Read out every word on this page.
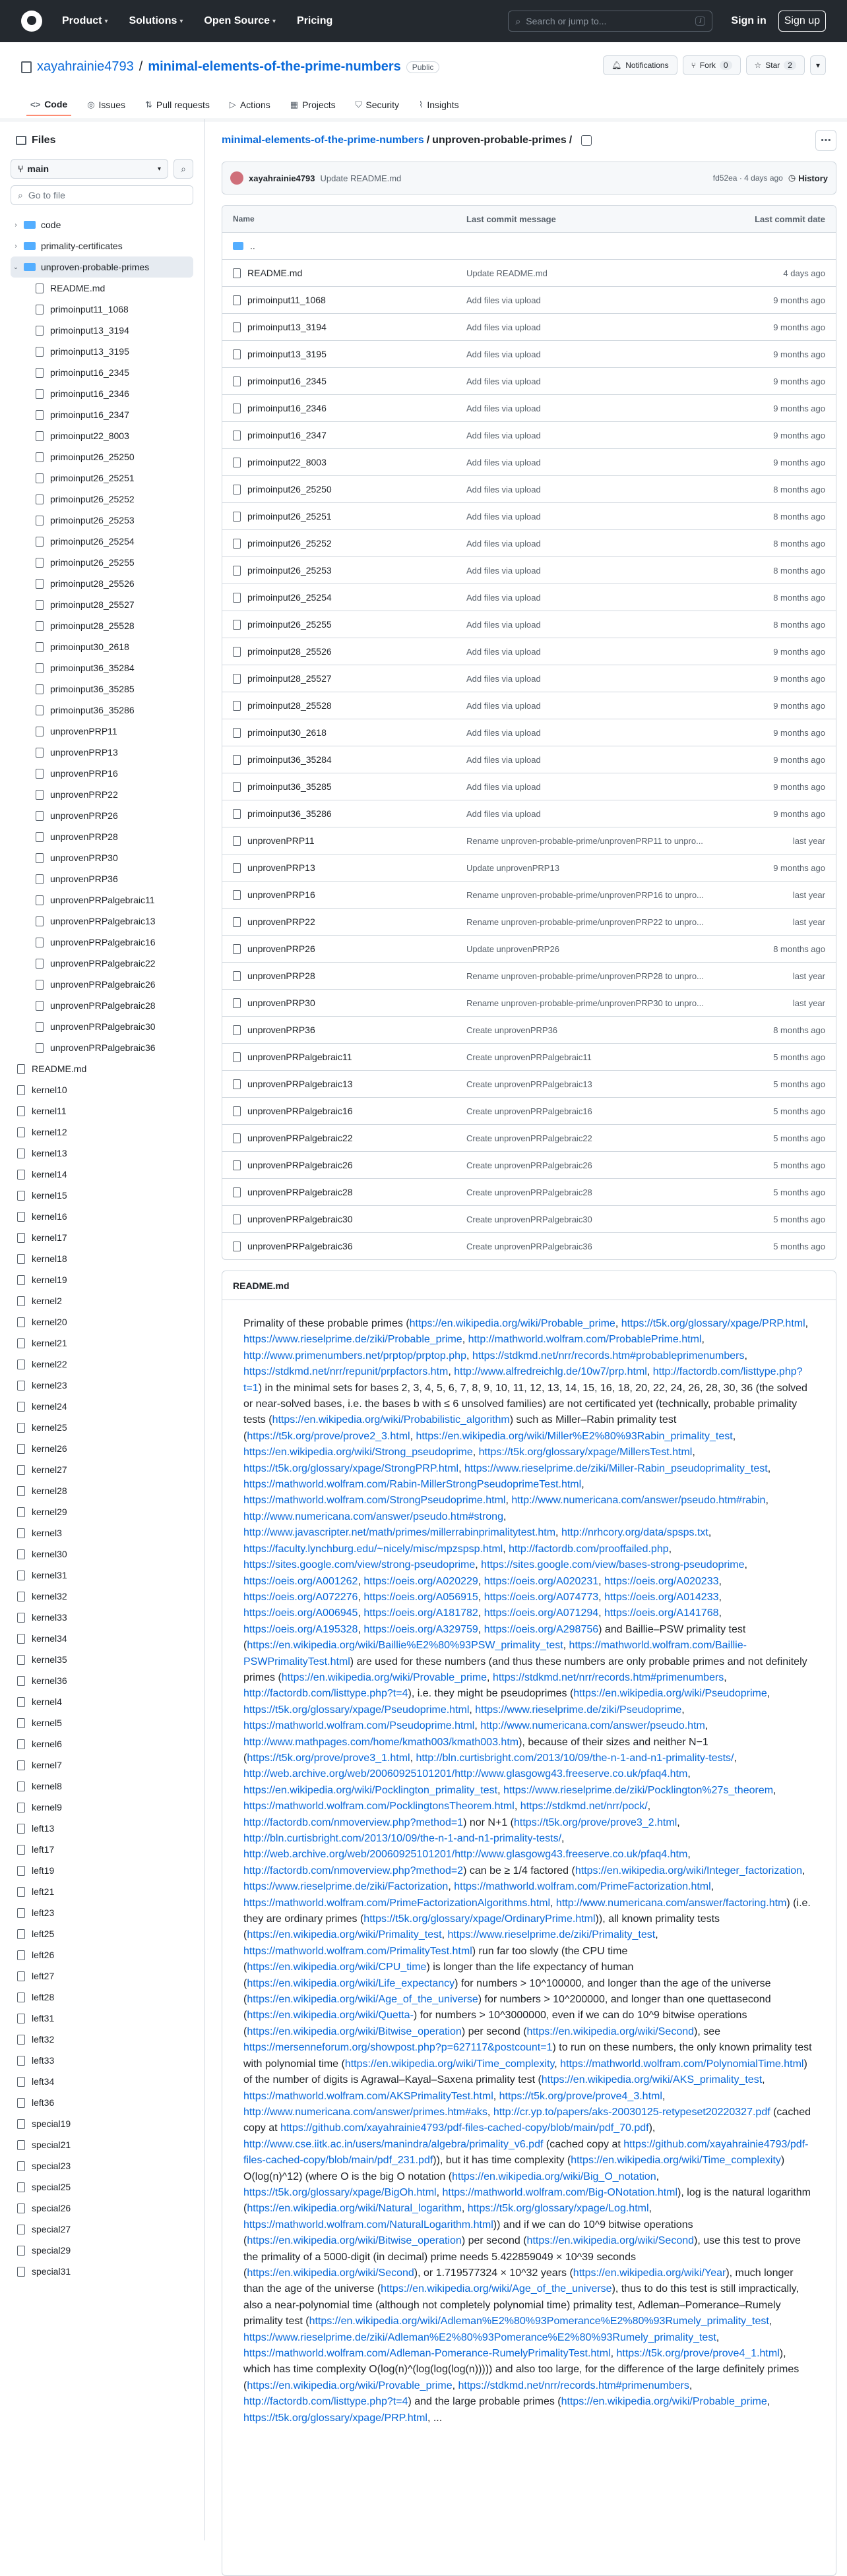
Product ▾ Solutions ▾ Open Source ▾ Pricing	⌕ Search or jump to...	/	Sign in	Sign up
xayahrainie4793 / minimal-elements-of-the-prime-numbers	Public	🔔︎ Notifications	⑂ Fork	0	☆ Star	2	▾
<> Code ◎ Issues ⇅ Pull requests ▷ Actions ▦ Projects ⛉ Security ⌇ Insights
Files
⑂ main	▾ ⌕
⌕ Go to file
›	code
›	primality-certificates
⌄ unproven-probable-primes
README.md
primoinput11_1068
primoinput13_3194
primoinput13_3195
primoinput16_2345
primoinput16_2346
primoinput16_2347
primoinput22_8003
primoinput26_25250
primoinput26_25251
primoinput26_25252
primoinput26_25253
primoinput26_25254
primoinput26_25255
primoinput28_25526
primoinput28_25527
primoinput28_25528
primoinput30_2618
primoinput36_35284
primoinput36_35285
primoinput36_35286
unprovenPRP11
unprovenPRP13
unprovenPRP16
unprovenPRP22
unprovenPRP26
unprovenPRP28
unprovenPRP30
unprovenPRP36
unprovenPRPalgebraic11
unprovenPRPalgebraic13
unprovenPRPalgebraic16
unprovenPRPalgebraic22
unprovenPRPalgebraic26
unprovenPRPalgebraic28
unprovenPRPalgebraic30
unprovenPRPalgebraic36
README.md
kernel10
kernel11
kernel12
kernel13
kernel14
kernel15
kernel16
kernel17
kernel18
kernel19
kernel2
kernel20
kernel21
kernel22
kernel23
kernel24
kernel25
kernel26
kernel27
kernel28
kernel29
kernel3
kernel30
kernel31
kernel32
kernel33
kernel34
kernel35
kernel36
kernel4
kernel5
kernel6
kernel7
kernel8
kernel9
left13
left17
left19
left21
left23
left25
left26
left27
left28
left31
left32
left33
left34
left36
special19
special21
special23
special25
special26
special27
special29
special31
minimal-elements-of-the-prime-numbers / unproven-probable-primes /	⋯
xayahrainie4793 Update README.md	fd52ea · 4 days ago ◷ History
Name	Last commit message	Last commit date
..
README.md	Update README.md	4 days ago
primoinput11_1068	Add files via upload	9 months ago
primoinput13_3194	Add files via upload	9 months ago
primoinput13_3195	Add files via upload	9 months ago
primoinput16_2345	Add files via upload	9 months ago
primoinput16_2346	Add files via upload	9 months ago
primoinput16_2347	Add files via upload	9 months ago
primoinput22_8003	Add files via upload	9 months ago
primoinput26_25250	Add files via upload	8 months ago
primoinput26_25251	Add files via upload	8 months ago
primoinput26_25252	Add files via upload	8 months ago
primoinput26_25253	Add files via upload	8 months ago
primoinput26_25254	Add files via upload	8 months ago
primoinput26_25255	Add files via upload	8 months ago
primoinput28_25526	Add files via upload	9 months ago
primoinput28_25527	Add files via upload	9 months ago
primoinput28_25528	Add files via upload	9 months ago
primoinput30_2618	Add files via upload	9 months ago
primoinput36_35284	Add files via upload	9 months ago
primoinput36_35285	Add files via upload	9 months ago
primoinput36_35286	Add files via upload	9 months ago
unprovenPRP11	Rename unproven-probable-prime/unprovenPRP11 to unpro...	last year
unprovenPRP13	Update unprovenPRP13	9 months ago
unprovenPRP16	Rename unproven-probable-prime/unprovenPRP16 to unpro...	last year
unprovenPRP22	Rename unproven-probable-prime/unprovenPRP22 to unpro...	last year
unprovenPRP26	Update unprovenPRP26	8 months ago
unprovenPRP28	Rename unproven-probable-prime/unprovenPRP28 to unpro...	last year
unprovenPRP30	Rename unproven-probable-prime/unprovenPRP30 to unpro...	last year
unprovenPRP36	Create unprovenPRP36	8 months ago
unprovenPRPalgebraic11	Create unprovenPRPalgebraic11	5 months ago
unprovenPRPalgebraic13	Create unprovenPRPalgebraic13	5 months ago
unprovenPRPalgebraic16	Create unprovenPRPalgebraic16	5 months ago
unprovenPRPalgebraic22	Create unprovenPRPalgebraic22	5 months ago
unprovenPRPalgebraic26	Create unprovenPRPalgebraic26	5 months ago
unprovenPRPalgebraic28	Create unprovenPRPalgebraic28	5 months ago
unprovenPRPalgebraic30	Create unprovenPRPalgebraic30	5 months ago
unprovenPRPalgebraic36	Create unprovenPRPalgebraic36	5 months ago
README.md
Primality of these probable primes (https://en.wikipedia.org/wiki/Probable_prime, https://t5k.org/glossary/xpage/PRP.html, https://www.rieselprime.de/ziki/Probable_prime, http://mathworld.wolfram.com/ProbablePrime.html, http://www.primenumbers.net/prptop/prptop.php, https://stdkmd.net/nrr/records.htm#probableprimenumbers, https://stdkmd.net/nrr/repunit/prpfactors.htm, http://www.alfredreichlg.de/10w7/prp.html, http://factordb.com/listtype.php?t=1) in the minimal sets for bases 2, 3, 4, 5, 6, 7, 8, 9, 10, 11, 12, 13, 14, 15, 16, 18, 20, 22, 24, 26, 28, 30, 36 (the solved or near-solved bases, i.e. the bases b with ≤ 6 unsolved families) are not certificated yet (technically, probable primality tests (https://en.wikipedia.org/wiki/Probabilistic_algorithm) such as Miller–Rabin primality test (https://t5k.org/prove/prove2_3.html, https://en.wikipedia.org/wiki/Miller%E2%80%93Rabin_primality_test, https://en.wikipedia.org/wiki/Strong_pseudoprime, https://t5k.org/glossary/xpage/MillersTest.html, https://t5k.org/glossary/xpage/StrongPRP.html, https://www.rieselprime.de/ziki/Miller-Rabin_pseudoprimality_test, https://mathworld.wolfram.com/Rabin-MillerStrongPseudoprimeTest.html, https://mathworld.wolfram.com/StrongPseudoprime.html, http://www.numericana.com/answer/pseudo.htm#rabin, http://www.numericana.com/answer/pseudo.htm#strong, http://www.javascripter.net/math/primes/millerrabinprimalitytest.htm, http://nrhcory.org/data/spsps.txt, https://faculty.lynchburg.edu/~nicely/misc/mpzspsp.html, http://factordb.com/prooffailed.php, https://sites.google.com/view/strong-pseudoprime, https://sites.google.com/view/bases-strong-pseudoprime, https://oeis.org/A001262, https://oeis.org/A020229, https://oeis.org/A020231, https://oeis.org/A020233, https://oeis.org/A072276, https://oeis.org/A056915, https://oeis.org/A074773, https://oeis.org/A014233, https://oeis.org/A006945, https://oeis.org/A181782, https://oeis.org/A071294, https://oeis.org/A141768, https://oeis.org/A195328, https://oeis.org/A329759, https://oeis.org/A298756) and Baillie–PSW primality test (https://en.wikipedia.org/wiki/Baillie%E2%80%93PSW_primality_test, https://mathworld.wolfram.com/Baillie-PSWPrimalityTest.html) are used for these numbers (and thus these numbers are only probable primes and not definitely primes (https://en.wikipedia.org/wiki/Provable_prime, https://stdkmd.net/nrr/records.htm#primenumbers, http://factordb.com/listtype.php?t=4), i.e. they might be pseudoprimes (https://en.wikipedia.org/wiki/Pseudoprime, https://t5k.org/glossary/xpage/Pseudoprime.html, https://www.rieselprime.de/ziki/Pseudoprime, https://mathworld.wolfram.com/Pseudoprime.html, http://www.numericana.com/answer/pseudo.htm, http://www.mathpages.com/home/kmath003/kmath003.htm), because of their sizes and neither N−1 (https://t5k.org/prove/prove3_1.html, http://bln.curtisbright.com/2013/10/09/the-n-1-and-n1-primality-tests/, http://web.archive.org/web/20060925101201/http://www.glasgowg43.freeserve.co.uk/pfaq4.htm, https://en.wikipedia.org/wiki/Pocklington_primality_test, https://www.rieselprime.de/ziki/Pocklington%27s_theorem, https://mathworld.wolfram.com/PocklingtonsTheorem.html, https://stdkmd.net/nrr/pock/, http://factordb.com/nmoverview.php?method=1) nor N+1 (https://t5k.org/prove/prove3_2.html, http://bln.curtisbright.com/2013/10/09/the-n-1-and-n1-primality-tests/, http://web.archive.org/web/20060925101201/http://www.glasgowg43.freeserve.co.uk/pfaq4.htm, http://factordb.com/nmoverview.php?method=2) can be ≥ 1/4 factored (https://en.wikipedia.org/wiki/Integer_factorization, https://www.rieselprime.de/ziki/Factorization, https://mathworld.wolfram.com/PrimeFactorization.html, https://mathworld.wolfram.com/PrimeFactorizationAlgorithms.html, http://www.numericana.com/answer/factoring.htm) (i.e. they are ordinary primes (https://t5k.org/glossary/xpage/OrdinaryPrime.html)), all known primality tests (https://en.wikipedia.org/wiki/Primality_test, https://www.rieselprime.de/ziki/Primality_test, https://mathworld.wolfram.com/PrimalityTest.html) run far too slowly (the CPU time (https://en.wikipedia.org/wiki/CPU_time) is longer than the life expectancy of human (https://en.wikipedia.org/wiki/Life_expectancy) for numbers > 10^100000, and longer than the age of the universe (https://en.wikipedia.org/wiki/Age_of_the_universe) for numbers > 10^200000, and longer than one quettasecond (https://en.wikipedia.org/wiki/Quetta-) for numbers > 10^3000000, even if we can do 10^9 bitwise operations (https://en.wikipedia.org/wiki/Bitwise_operation) per second (https://en.wikipedia.org/wiki/Second), see https://mersenneforum.org/showpost.php?p=627117&postcount=1) to run on these numbers, the only known primality test with polynomial time (https://en.wikipedia.org/wiki/Time_complexity, https://mathworld.wolfram.com/PolynomialTime.html) of the number of digits is Agrawal–Kayal–Saxena primality test (https://en.wikipedia.org/wiki/AKS_primality_test, https://mathworld.wolfram.com/AKSPrimalityTest.html, https://t5k.org/prove/prove4_3.html, http://www.numericana.com/answer/primes.htm#aks, http://cr.yp.to/papers/aks-20030125-retypeset20220327.pdf (cached copy at https://github.com/xayahrainie4793/pdf-files-cached-copy/blob/main/pdf_70.pdf), http://www.cse.iitk.ac.in/users/manindra/algebra/primality_v6.pdf (cached copy at https://github.com/xayahrainie4793/pdf-files-cached-copy/blob/main/pdf_231.pdf)), but it has time complexity (https://en.wikipedia.org/wiki/Time_complexity) O(log(n)^12) (where O is the big O notation (https://en.wikipedia.org/wiki/Big_O_notation, https://t5k.org/glossary/xpage/BigOh.html, https://mathworld.wolfram.com/Big-ONotation.html), log is the natural logarithm (https://en.wikipedia.org/wiki/Natural_logarithm, https://t5k.org/glossary/xpage/Log.html, https://mathworld.wolfram.com/NaturalLogarithm.html)) and if we can do 10^9 bitwise operations (https://en.wikipedia.org/wiki/Bitwise_operation) per second (https://en.wikipedia.org/wiki/Second), use this test to prove the primality of a 5000-digit (in decimal) prime needs 5.422859049 × 10^39 seconds (https://en.wikipedia.org/wiki/Second), or 1.719577324 × 10^32 years (https://en.wikipedia.org/wiki/Year), much longer than the age of the universe (https://en.wikipedia.org/wiki/Age_of_the_universe), thus to do this test is still impractically, also a near-polynomial time (although not completely polynomial time) primality test, Adleman–Pomerance–Rumely primality test (https://en.wikipedia.org/wiki/Adleman%E2%80%93Pomerance%E2%80%93Rumely_primality_test, https://www.rieselprime.de/ziki/Adleman%E2%80%93Pomerance%E2%80%93Rumely_primality_test, https://mathworld.wolfram.com/Adleman-Pomerance-RumelyPrimalityTest.html, https://t5k.org/prove/prove4_1.html), which has time complexity O(log(n)^(log(log(log(n))))) and also too large, for the difference of the large definitely primes (https://en.wikipedia.org/wiki/Provable_prime, https://stdkmd.net/nrr/records.htm#primenumbers, http://factordb.com/listtype.php?t=4) and the large probable primes (https://en.wikipedia.org/wiki/Probable_prime, https://t5k.org/glossary/xpage/PRP.html, ...
